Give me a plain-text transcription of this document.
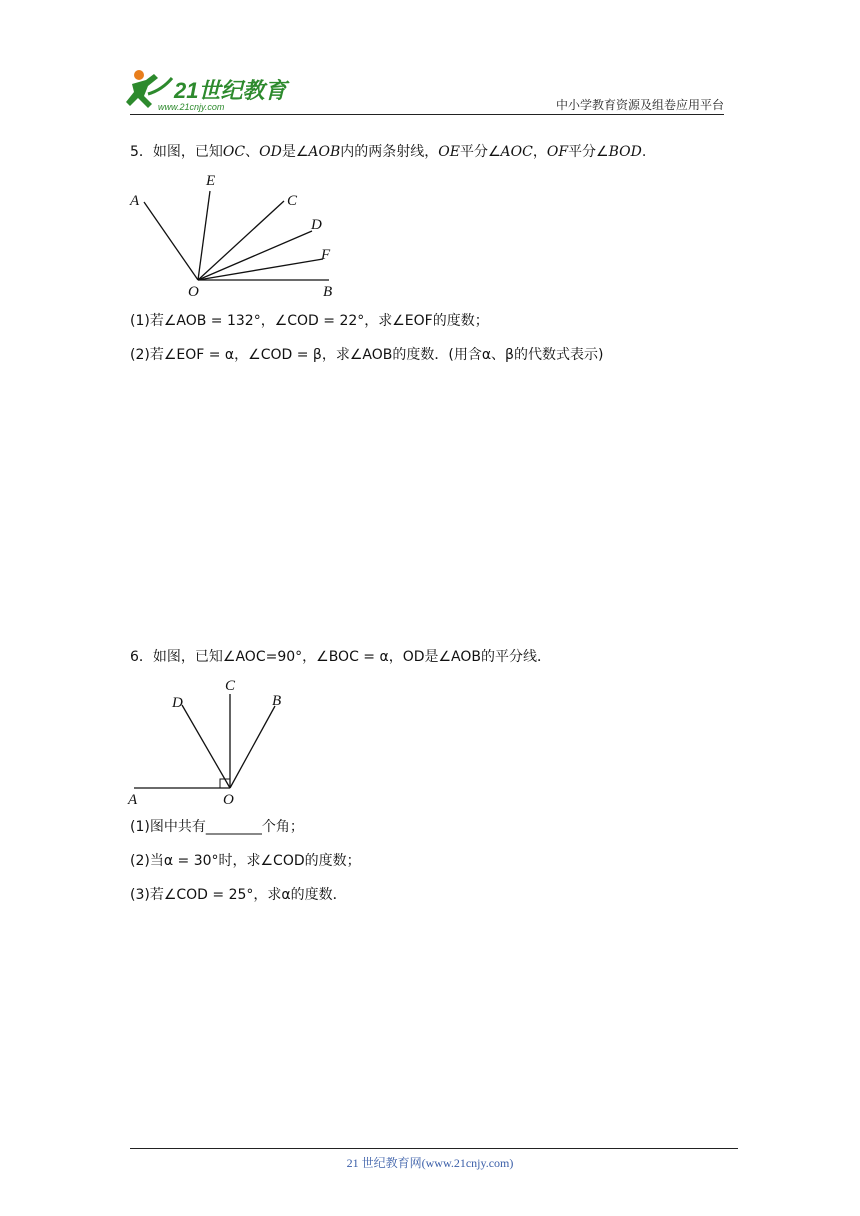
21世纪教育
www.21cnjy.com	中小学教育资源及组卷应用平台
5．如图，已知OC、OD是∠AOB内的两条射线，OE平分∠AOC，OF平分∠BOD.
A
E
C
D
F
O	B
(1)若∠AOB = 132°，∠COD = 22°，求∠EOF的度数；
(2)若∠EOF = α，∠COD = β，求∠AOB的度数．(用含α、β的代数式表示)
6．如图，已知∠AOC=90°，∠BOC = α，OD是∠AOB的平分线．
A	O
D
C
B
(1)图中共有________个角；
(2)当α = 30°时，求∠COD的度数；
(3)若∠COD = 25°，求α的度数．
21 世纪教育网(www.21cnjy.com)
